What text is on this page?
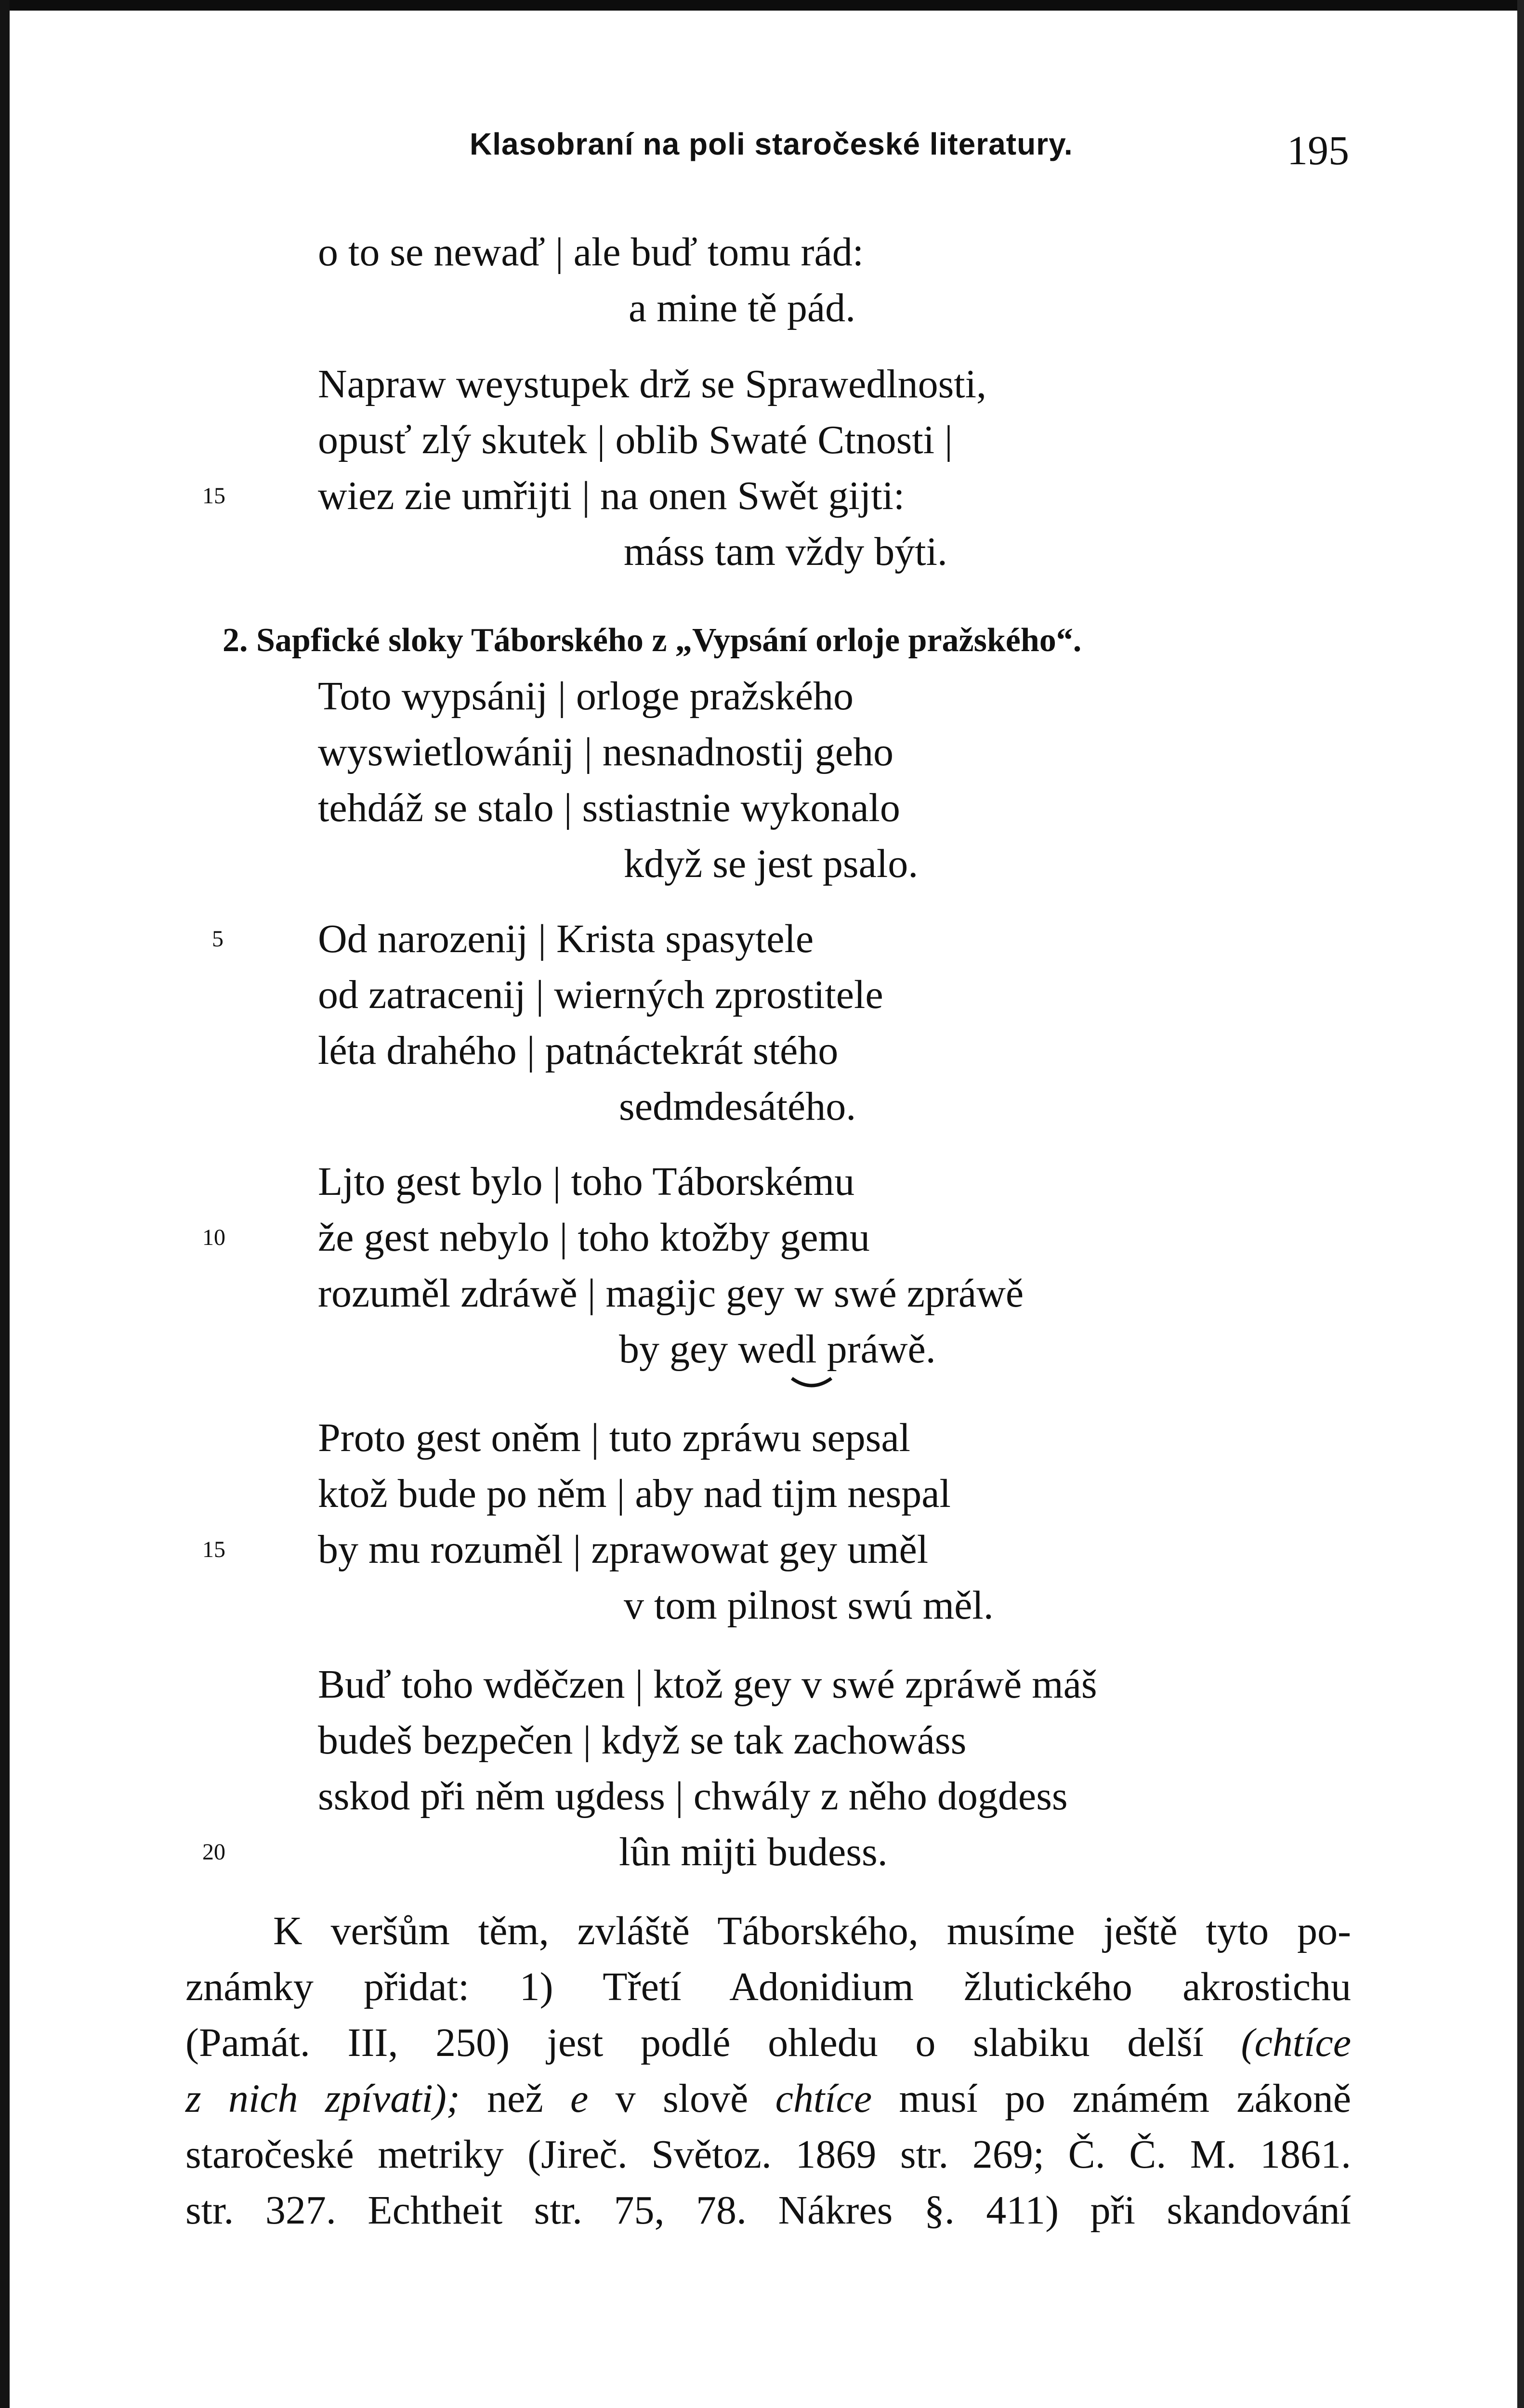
Klasobraní na poli staročeské literatury.	195
o to se newaď | ale buď tomu rád:
a mine tě pád.
Napraw weystupek drž se Sprawedlnosti,
opusť zlý skutek | oblib Swaté Ctnosti |
15 wiez zie umřijti | na onen Swět gijti:
máss tam vždy býti.
2. Sapfické sloky Táborského z „Vypsání orloje pražského“.
Toto wypsánij | orloge pražského
wyswietlowánij | nesnadnostij geho
tehdáž se stalo | sstiastnie wykonalo
když se jest psalo.
5 Od narozenij | Krista spasytele
od zatracenij | wierných zprostitele
léta drahého | patnáctekrát stého
sedmdesátého.
Ljto gest bylo | toho Táborskému
10 že gest nebylo | toho ktožby gemu
rozuměl zdráwě | magijc gey w swé zpráwě
by gey wedl práwě.
Proto gest oněm | tuto zpráwu sepsal
ktož bude po něm | aby nad tijm nespal
15 by mu rozuměl | zprawowat gey uměl
v tom pilnost swú měl.
Buď toho wděčzen | ktož gey v swé zpráwě máš
budeš bezpečen | když se tak zachowáss
sskod při něm ugdess | chwály z něho dogdess
20	lûn mijti budess.
K veršům těm, zvláště Táborského, musíme ještě tyto po-
známky přidat: 1) Třetí Adonidium žlutického akrostichu
(Památ. III, 250) jest podlé ohledu o slabiku delší (chtíce
z nich zpívati); než e v slově chtíce musí po známém zákoně
staročeské metriky (Jireč. Světoz. 1869 str. 269; Č. Č. M. 1861.
str. 327. Echtheit str. 75, 78. Nákres §. 411) při skandování
